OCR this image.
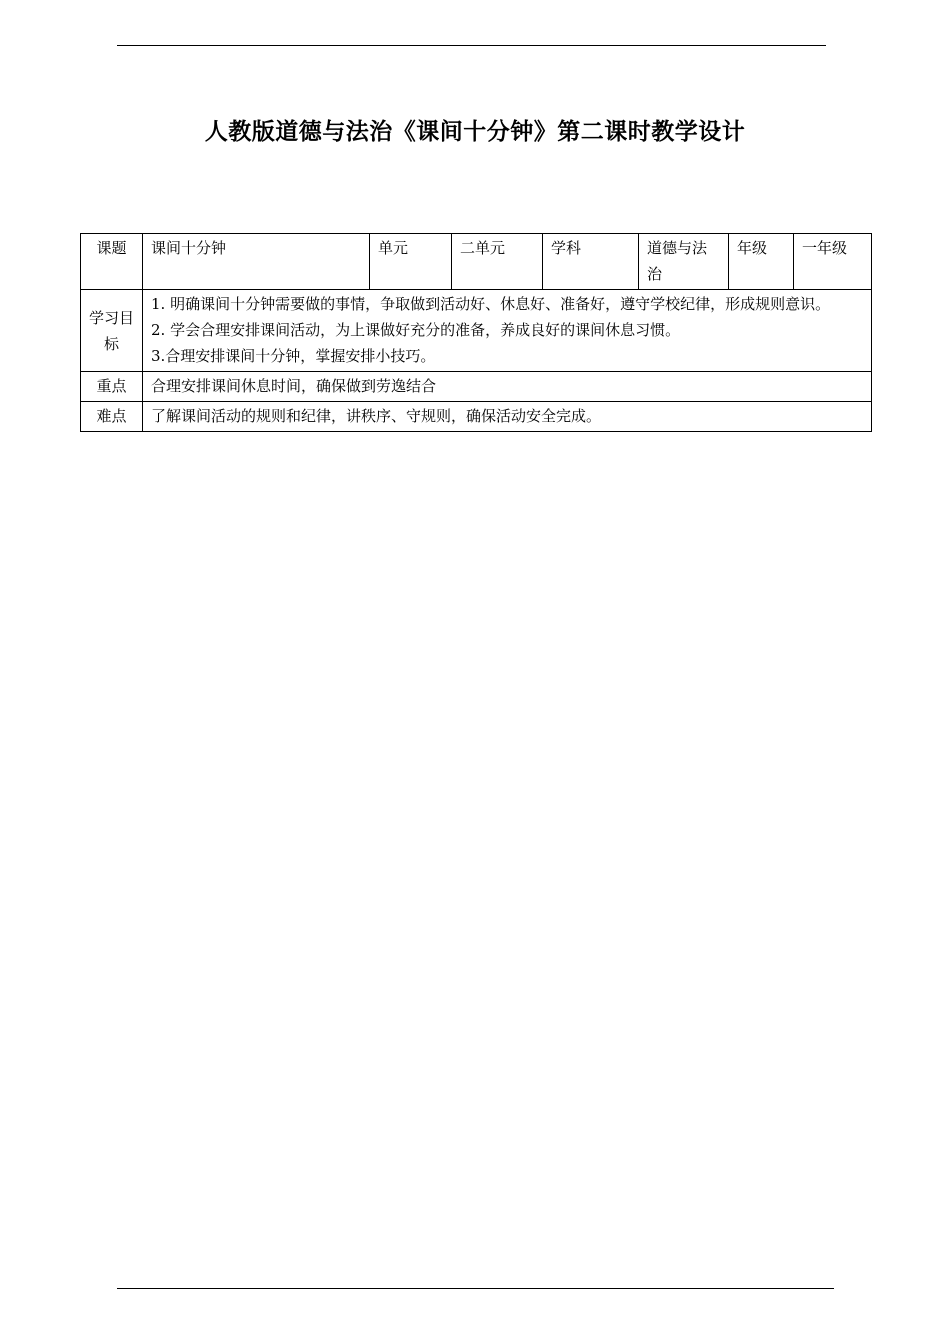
人教版道德与法治《课间十分钟》第二课时教学设计
课题	课间十分钟	单元	二单元	学科	道德与法治	年级	一年级
学习目标	1. 明确课间十分钟需要做的事情，争取做到活动好、休息好、准备好，遵守学校纪律，形成规则意识。
2. 学会合理安排课间活动，为上课做好充分的准备，养成良好的课间休息习惯。
3.合理安排课间十分钟，掌握安排小技巧。						

重点	合理安排课间休息时间，确保做到劳逸结合						
难点	了解课间活动的规则和纪律，讲秩序、守规则，确保活动安全完成。						
